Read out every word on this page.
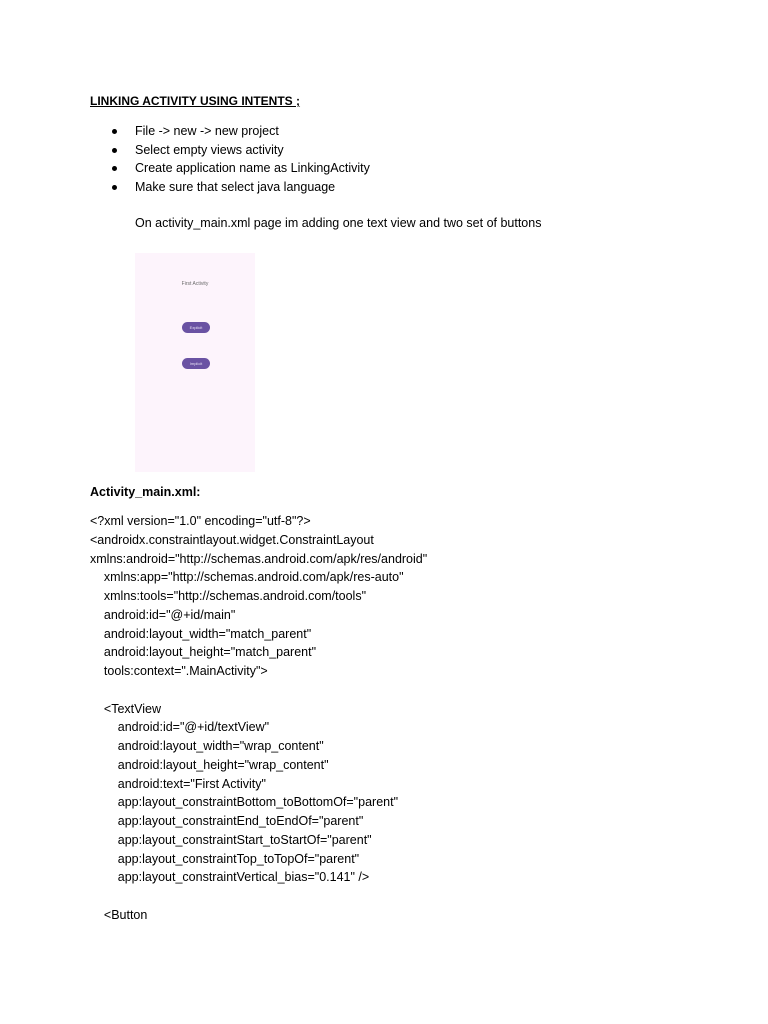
LINKING ACTIVITY USING INTENTS ;
File -> new -> new project
Select empty views activity
Create application name as LinkingActivity
Make sure that select java language
On activity_main.xml page im adding one text view and two set of buttons
First Activity
Explicit
Implicit
Activity_main.xml:
<?xml version="1.0" encoding="utf-8"?>
<androidx.constraintlayout.widget.ConstraintLayout
xmlns:android="http://schemas.android.com/apk/res/android"
xmlns:app="http://schemas.android.com/apk/res-auto"
xmlns:tools="http://schemas.android.com/tools"
android:id="@+id/main"
android:layout_width="match_parent"
android:layout_height="match_parent"
tools:context=".MainActivity">

<TextView
android:id="@+id/textView"
android:layout_width="wrap_content"
android:layout_height="wrap_content"
android:text="First Activity"
app:layout_constraintBottom_toBottomOf="parent"
app:layout_constraintEnd_toEndOf="parent"
app:layout_constraintStart_toStartOf="parent"
app:layout_constraintTop_toTopOf="parent"
app:layout_constraintVertical_bias="0.141" />

<Button
